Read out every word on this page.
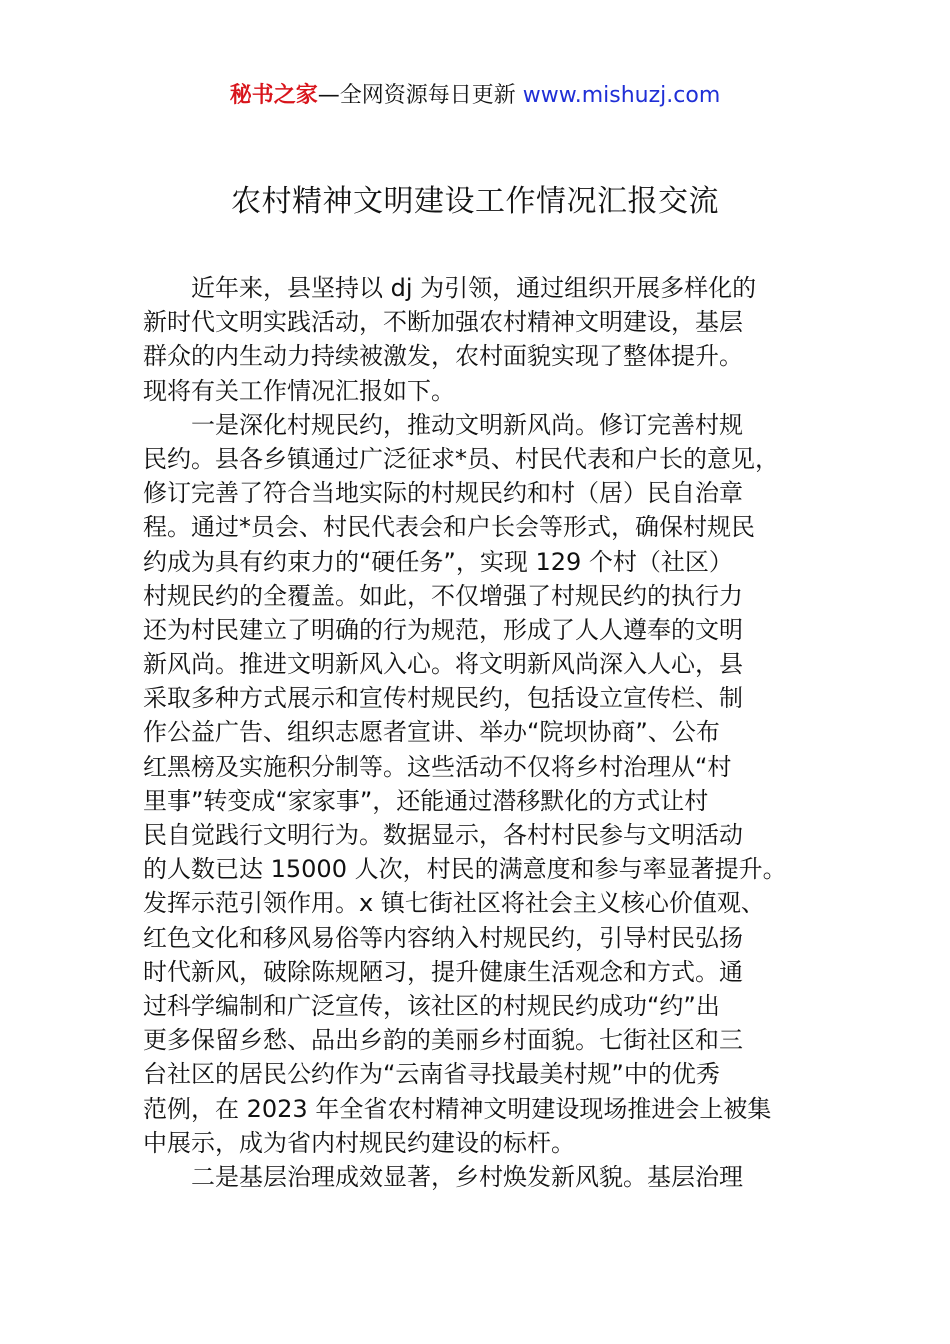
秘书之家—全网资源每日更新 www.mishuzj.com
农村精神文明建设工作情况汇报交流
　　近年来，县坚持以 dj 为引领，通过组织开展多样化的
新时代文明实践活动，不断加强农村精神文明建设，基层
群众的内生动力持续被激发，农村面貌实现了整体提升。
现将有关工作情况汇报如下。
　　一是深化村规民约，推动文明新风尚。修订完善村规
民约。县各乡镇通过广泛征求*员、村民代表和户长的意见，
修订完善了符合当地实际的村规民约和村（居）民自治章
程。通过*员会、村民代表会和户长会等形式，确保村规民
约成为具有约束力的“硬任务”，实现 129 个村（社区）
村规民约的全覆盖。如此，不仅增强了村规民约的执行力
还为村民建立了明确的行为规范，形成了人人遵奉的文明
新风尚。推进文明新风入心。将文明新风尚深入人心，县
采取多种方式展示和宣传村规民约，包括设立宣传栏、制
作公益广告、组织志愿者宣讲、举办“院坝协商”、公布
红黑榜及实施积分制等。这些活动不仅将乡村治理从“村
里事”转变成“家家事”，还能通过潜移默化的方式让村
民自觉践行文明行为。数据显示，各村村民参与文明活动
的人数已达 15000 人次，村民的满意度和参与率显著提升。
发挥示范引领作用。x 镇七街社区将社会主义核心价值观、
红色文化和移风易俗等内容纳入村规民约，引导村民弘扬
时代新风，破除陈规陋习，提升健康生活观念和方式。通
过科学编制和广泛宣传，该社区的村规民约成功“约”出
更多保留乡愁、品出乡韵的美丽乡村面貌。七街社区和三
台社区的居民公约作为“云南省寻找最美村规”中的优秀
范例，在 2023 年全省农村精神文明建设现场推进会上被集
中展示，成为省内村规民约建设的标杆。
　　二是基层治理成效显著，乡村焕发新风貌。基层治理
